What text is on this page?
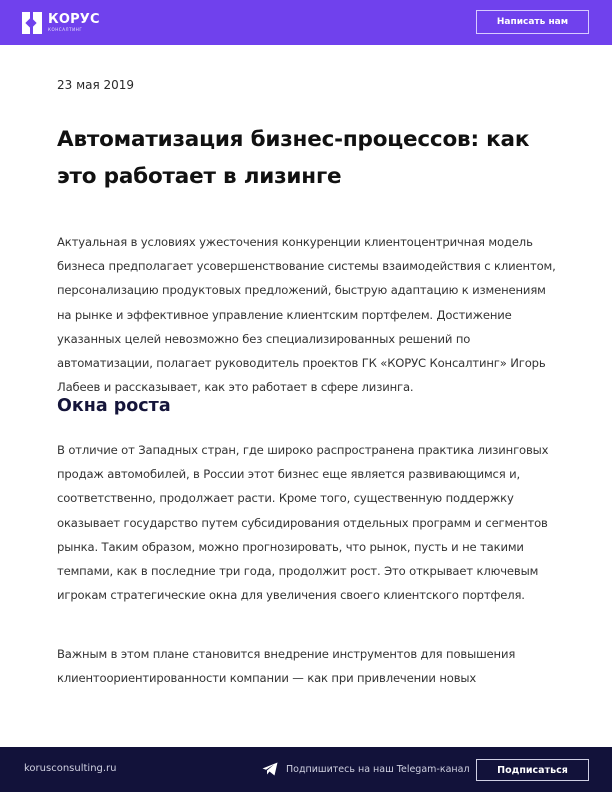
КОРУС
КОНСАЛТИНГ
Написать нам
23 мая 2019
Автоматизация бизнес-процессов: как это работает в лизинге

Актуальная в условиях ужесточения конкуренции клиентоцентричная модель бизнеса предполагает усовершенствование системы взаимодействия с клиентом, персонализацию продуктовых предложений, быструю адаптацию к изменениям на рынке и эффективное управление клиентским портфелем. Достижение указанных целей невозможно без специализированных решений по автоматизации, полагает руководитель проектов ГК «КОРУС Консалтинг» Игорь Лабеев и рассказывает, как это работает в сфере лизинга.

Окна роста

В отличие от Западных стран, где широко распространена практика лизинговых продаж автомобилей, в России этот бизнес еще является развивающимся и, соответственно, продолжает расти. Кроме того, существенную поддержку оказывает государство путем субсидирования отдельных программ и сегментов рынка. Таким образом, можно прогнозировать, что рынок, пусть и не такими темпами, как в последние три года, продолжит рост. Это открывает ключевым игрокам стратегические окна для увеличения своего клиентского портфеля.

Важным в этом плане становится внедрение инструментов для повышения клиентоориентированности компании — как при привлечении новых

korusconsulting.ru	Подпишитесь на наш Telegam-канал	Подписаться
